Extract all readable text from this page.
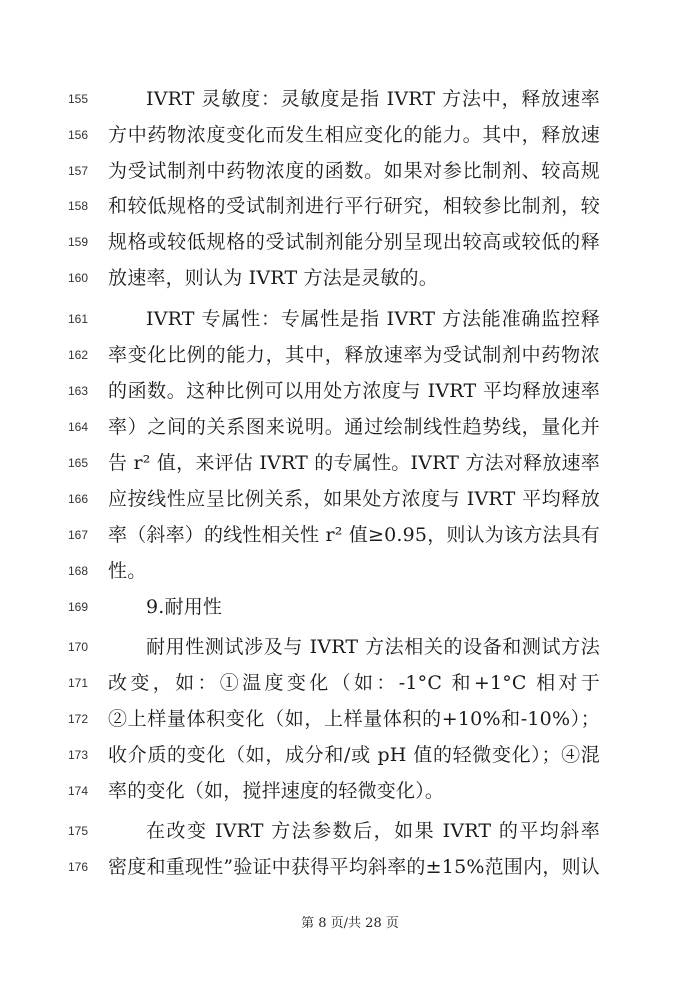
155	IVRT 灵敏度：灵敏度是指 IVRT 方法中，释放速率
156	方中药物浓度变化而发生相应变化的能力。其中，释放速
157	为受试制剂中药物浓度的函数。如果对参比制剂、较高规
158	和较低规格的受试制剂进行平行研究，相较参比制剂，较
159	规格或较低规格的受试制剂能分别呈现出较高或较低的释
160	放速率，则认为 IVRT 方法是灵敏的。
161	IVRT 专属性：专属性是指 IVRT 方法能准确监控释
162	率变化比例的能力，其中，释放速率为受试制剂中药物浓
163	的函数。这种比例可以用处方浓度与 IVRT 平均释放速率
164	率）之间的关系图来说明。通过绘制线性趋势线，量化并
165	告 r² 值，来评估 IVRT 的专属性。IVRT 方法对释放速率
166	应按线性应呈比例关系，如果处方浓度与 IVRT 平均释放
167	率（斜率）的线性相关性 r² 值≥0.95，则认为该方法具有
168	性。
169	9.耐用性
170	耐用性测试涉及与 IVRT 方法相关的设备和测试方法
171	改变，如：①温度变化（如：-1°C 和+1°C 相对于
172	②上样量体积变化（如，上样量体积的+10%和-10%）；
173	收介质的变化（如，成分和/或 pH 值的轻微变化）；④混
174	率的变化（如，搅拌速度的轻微变化）。
175	在改变 IVRT 方法参数后，如果 IVRT 的平均斜率
176	密度和重现性”验证中获得平均斜率的±15%范围内，则认
第 8 页/共 28 页
